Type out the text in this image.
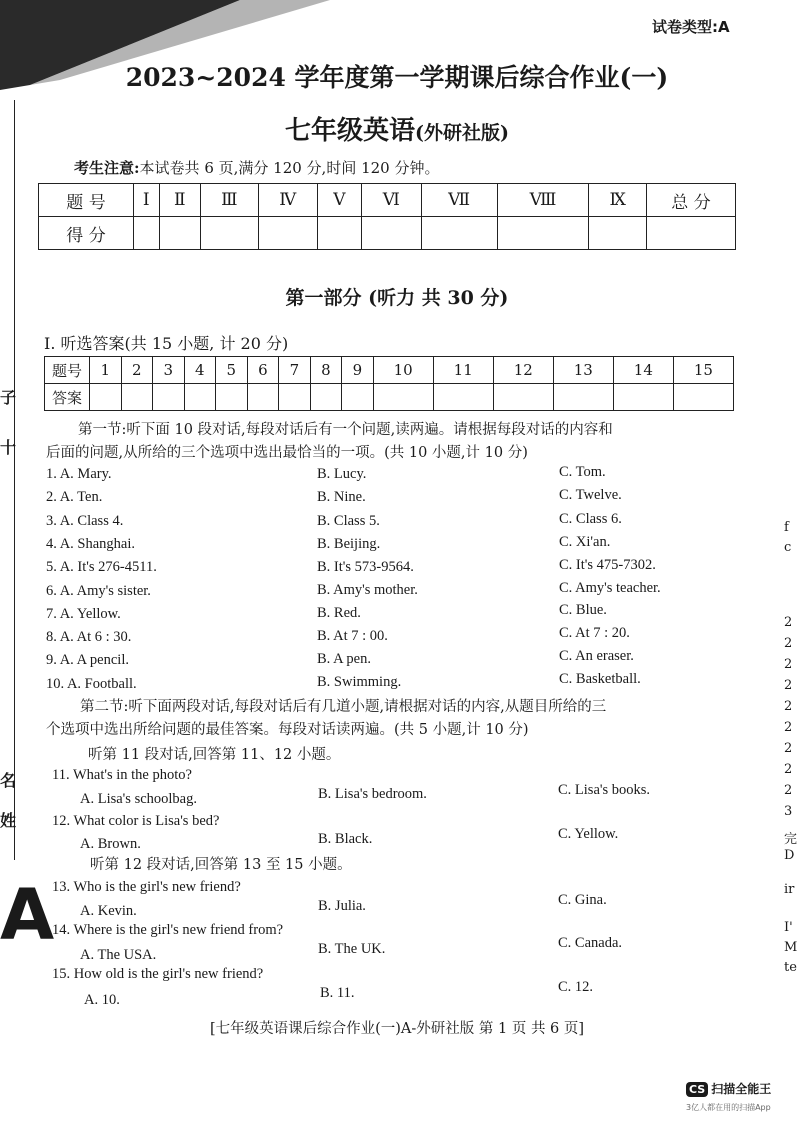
子
十
名
姓
A
f
c
2
2
2
2
2
2
2
2
2
3
完
D
ir
I'
M
te
试卷类型:A
2023~2024 学年度第一学期课后综合作业(一)
七年级英语(外研社版)
考生注意:本试卷共 6 页,满分 120 分,时间 120 分钟。
题 号	Ⅰ	Ⅱ	Ⅲ	Ⅳ	Ⅴ	Ⅵ	Ⅶ	Ⅷ	Ⅸ	总 分
得 分										
第一部分 (听力 共 30 分)
Ⅰ. 听选答案(共 15 小题, 计 20 分)
题号	1	2	3	4	5	6	7	8	9	10	11	12	13	14	15
答案															
第一节:听下面 10 段对话,每段对话后有一个问题,读两遍。请根据每段对话的内容和
后面的问题,从所给的三个选项中选出最恰当的一项。(共 10 小题,计 10 分)
1. A. Mary.	B. Lucy.	C. Tom.
2. A. Ten.	B. Nine.	C. Twelve.
3. A. Class 4.	B. Class 5.	C. Class 6.
4. A. Shanghai.	B. Beijing.	C. Xi'an.
5. A. It's 276-4511.	B. It's 573-9564.	C. It's 475-7302.
6. A. Amy's sister.	B. Amy's mother.	C. Amy's teacher.
7. A. Yellow.	B. Red.	C. Blue.
8. A. At 6 : 30.	B. At 7 : 00.	C. At 7 : 20.
9. A. A pencil.	B. A pen.	C. An eraser.
10. A. Football.	B. Swimming.	C. Basketball.
第二节:听下面两段对话,每段对话后有几道小题,请根据对话的内容,从题目所给的三
个选项中选出所给问题的最佳答案。每段对话读两遍。(共 5 小题,计 10 分)
听第 11 段对话,回答第 11、12 小题。
11. What's in the photo?
A. Lisa's schoolbag.	B. Lisa's bedroom.	C. Lisa's books.
12. What color is Lisa's bed?
A. Brown.	B. Black.	C. Yellow.
听第 12 段对话,回答第 13 至 15 小题。
13. Who is the girl's new friend?
A. Kevin.	B. Julia.	C. Gina.
14. Where is the girl's new friend from?
A. The USA.	B. The UK.	C. Canada.
15. How old is the girl's new friend?
A. 10.	B. 11.	C. 12.
[七年级英语课后综合作业(一)A-外研社版 第 1 页 共 6 页]
CS 扫描全能王
3亿人都在用的扫描App
